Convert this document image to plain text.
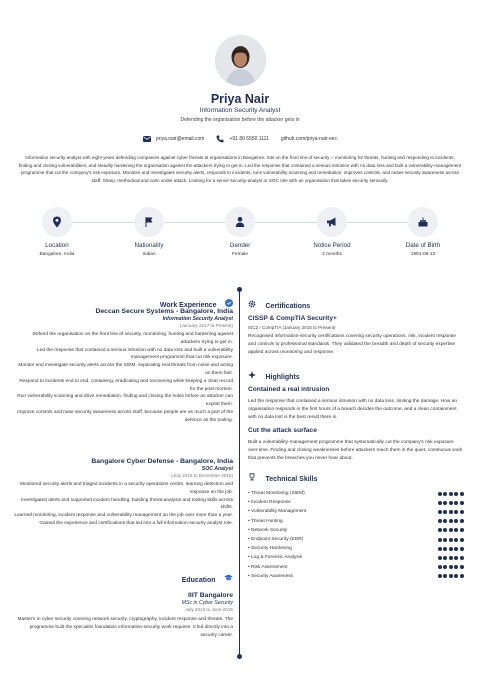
Priya Nair
Information Security Analyst
Defending the organisation before the attacker gets in
priya.nair@email.com	+91 80 5550 1111 github.com/priya-nair-sec
Information security analyst with eight years defending companies against cyber threats at organisations in Bangalore. Sits on the front line of security -- monitoring for threats, hunting and responding to incidents, finding and closing vulnerabilities, and steadily hardening the organisation against the attackers trying to get in. Led the response that contained a serious intrusion with no data loss and built a vulnerability-management programme that cut the company's risk exposure. Monitors and investigates security alerts, responds to incidents, runs vulnerability scanning and remediation, improves controls, and raises security awareness across staff. Sharp, methodical and calm under attack. Looking for a senior security-analyst or SOC role with an organisation that takes security seriously.
Location
Bangalore, India
Nationality
Indian
Gender
Female
Notice Period
2 months
Date of Birth
1991-09-12
Work Experience
Deccan Secure Systems - Bangalore, India
Information Security Analyst
(January 2017 to Present)
Defend the organisation on the front line of security, monitoring, hunting and hardening against attackers trying to get in.
Led the response that contained a serious intrusion with no data loss and built a vulnerability management programme that cut risk exposure.
Monitor and investigate security alerts across the SIEM, separating real threats from noise and acting on them fast.
Respond to incidents end to end, containing, eradicating and recovering while keeping a clear record for the post-mortem.
Run vulnerability scanning and drive remediation, finding and closing the holes before an attacker can exploit them.
Improve controls and raise security awareness across staff, because people are as much a part of the defence as the tooling.
Bangalore Cyber Defense - Bangalore, India
SOC Analyst
(July 2015 to December 2016)
Monitored security alerts and triaged incidents in a security operations centre, learning detection and response on the job.
Investigated alerts and supported incident handling, building threat-analysis and tooling skills across shifts.
Learned monitoring, incident response and vulnerability management on the job over more than a year.
Gained the experience and certifications that led into a full information-security analyst role.
Education
IIIT Bangalore
MSc in Cyber Security
July 2013 to June 2015
Master's in cyber security covering network security, cryptography, incident response and threats. The programme built the specialist foundation information-security work requires. It led directly into a security career.
Certifications
CISSP & CompTIA Security+
ISC2 / CompTIA (January 2016 to Present)
Recognised information-security certifications covering security operations, risk, incident response and controls to professional standards. They validated the breadth and depth of security expertise applied across monitoring and response.
Highlights
Contained a real intrusion
Led the response that contained a serious intrusion with no data loss, limiting the damage. How an organisation responds in the first hours of a breach decides the outcome, and a clean containment with no data lost is the best result there is.
Cut the attack surface
Built a vulnerability-management programme that systematically cut the company's risk exposure over time. Finding and closing weaknesses before attackers reach them is the quiet, continuous work that prevents the breaches you never hear about.
Technical Skills
• Threat Monitoring (SIEM)
• Incident Response
• Vulnerability Management
• Threat Hunting
• Network Security
• Endpoint Security (EDR)
• Security Hardening
• Log & Forensic Analysis
• Risk Assessment
• Security Awareness
